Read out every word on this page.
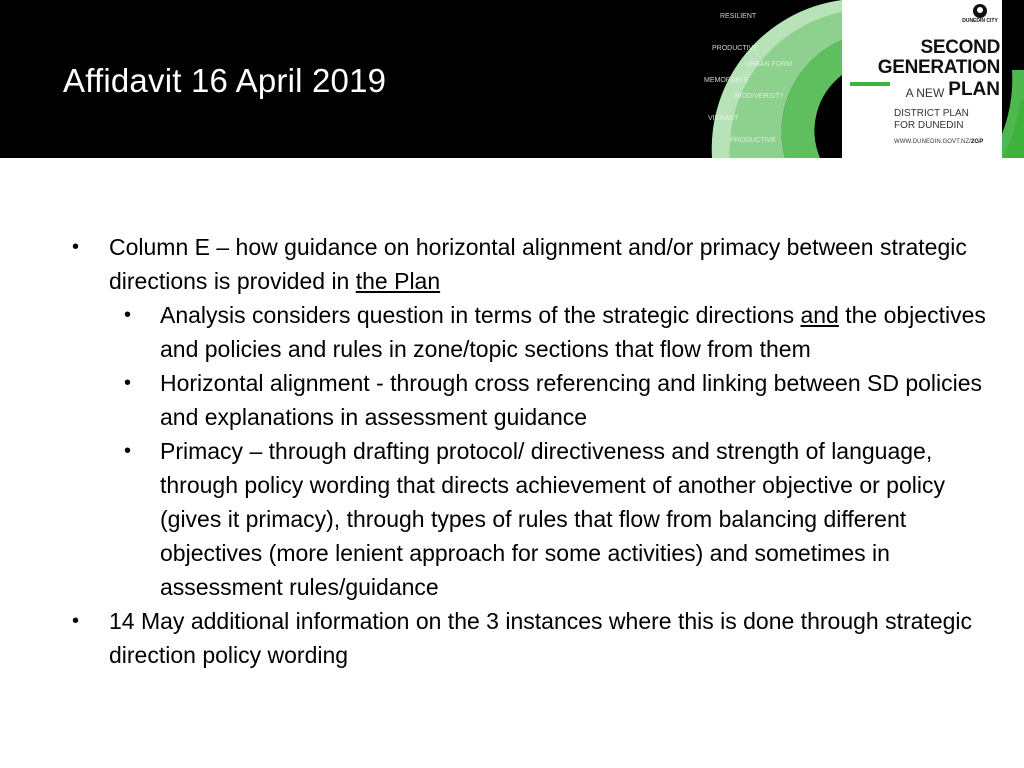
Affidavit 16 April 2019
RESILIENT
PRODUCTIVE
URBAN FORM
MEMORABLE
BIODIVERSITY
VIBRANT
PRODUCTIVE
DUNEDIN CITY
SECOND
GENERATION
A NEW PLAN
DISTRICT PLAN
FOR DUNEDIN
WWW.DUNEDIN.GOVT.NZ/2GP
• Column E – how guidance on horizontal alignment and/or primacy between strategic directions is provided in the Plan
• Analysis considers question in terms of the strategic directions and the objectives and policies and rules in zone/topic sections that flow from them
• Horizontal alignment - through cross referencing and linking between SD policies and explanations in assessment guidance
• Primacy – through drafting protocol/ directiveness and strength of language, through policy wording that directs achievement of another objective or policy (gives it primacy), through types of rules that flow from balancing different objectives (more lenient approach for some activities) and sometimes in assessment rules/guidance
• 14 May additional information on the 3 instances where this is done through strategic direction policy wording
